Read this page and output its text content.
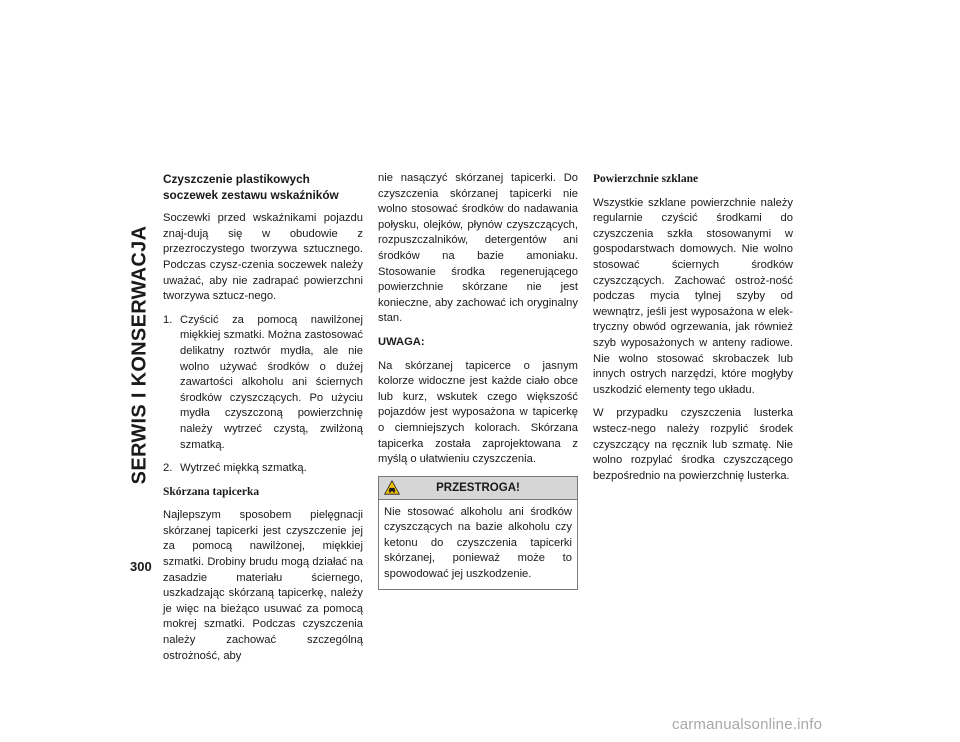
SERWIS I KONSERWACJA
300
Czyszczenie plastikowych soczewek zestawu wskaźników

Soczewki przed wskaźnikami pojazdu znaj-dują się w obudowie z przezroczystego tworzywa sztucznego. Podczas czysz-czenia soczewek należy uważać, aby nie zadrapać powierzchni tworzywa sztucz-nego.

1. Czyścić za pomocą nawilżonej miękkiej szmatki. Można zastosować delikatny roztwór mydła, ale nie wolno używać środków o dużej zawartości alkoholu ani ściernych środków czyszczących. Po użyciu mydła czyszczoną powierzchnię należy wytrzeć czystą, zwilżoną szmatką.
2. Wytrzeć miękką szmatką.
Skórzana tapicerka

Najlepszym sposobem pielęgnacji skórzanej tapicerki jest czyszczenie jej za pomocą nawilżonej, miękkiej szmatki. Drobiny brudu mogą działać na zasadzie materiału ściernego, uszkadzając skórzaną tapicerkę, należy je więc na bieżąco usuwać za pomocą mokrej szmatki. Podczas czyszczenia należy zachować szczególną ostrożność, aby

nie nasączyć skórzanej tapicerki. Do czyszczenia skórzanej tapicerki nie wolno stosować środków do nadawania połysku, olejków, płynów czyszczących, rozpuszczalników, detergentów ani środków na bazie amoniaku. Stosowanie środka regenerującego powierzchnie skórzane nie jest konieczne, aby zachować ich oryginalny stan.

UWAGA:

Na skórzanej tapicerce o jasnym kolorze widoczne jest każde ciało obce lub kurz, wskutek czego większość pojazdów jest wyposażona w tapicerkę o ciemniejszych kolorach. Skórzana tapicerka została zaprojektowana z myślą o ułatwieniu czyszczenia.

PRZESTROGA!
Nie stosować alkoholu ani środków czyszczących na bazie alkoholu czy ketonu do czyszczenia tapicerki skórzanej, ponieważ może to spowodować jej uszkodzenie.
Powierzchnie szklane

Wszystkie szklane powierzchnie należy regularnie czyścić środkami do czyszczenia szkła stosowanymi w gospodarstwach domowych. Nie wolno stosować ściernych środków czyszczących. Zachować ostroż-ność podczas mycia tylnej szyby od wewnątrz, jeśli jest wyposażona w elek-tryczny obwód ogrzewania, jak również szyb wyposażonych w anteny radiowe. Nie wolno stosować skrobaczek lub innych ostrych narzędzi, które mogłyby uszkodzić elementy tego układu.

W przypadku czyszczenia lusterka wstecz-nego należy rozpylić środek czyszczący na ręcznik lub szmatę. Nie wolno rozpylać środka czyszczącego bezpośrednio na powierzchnię lusterka.

carmanualsonline.info
